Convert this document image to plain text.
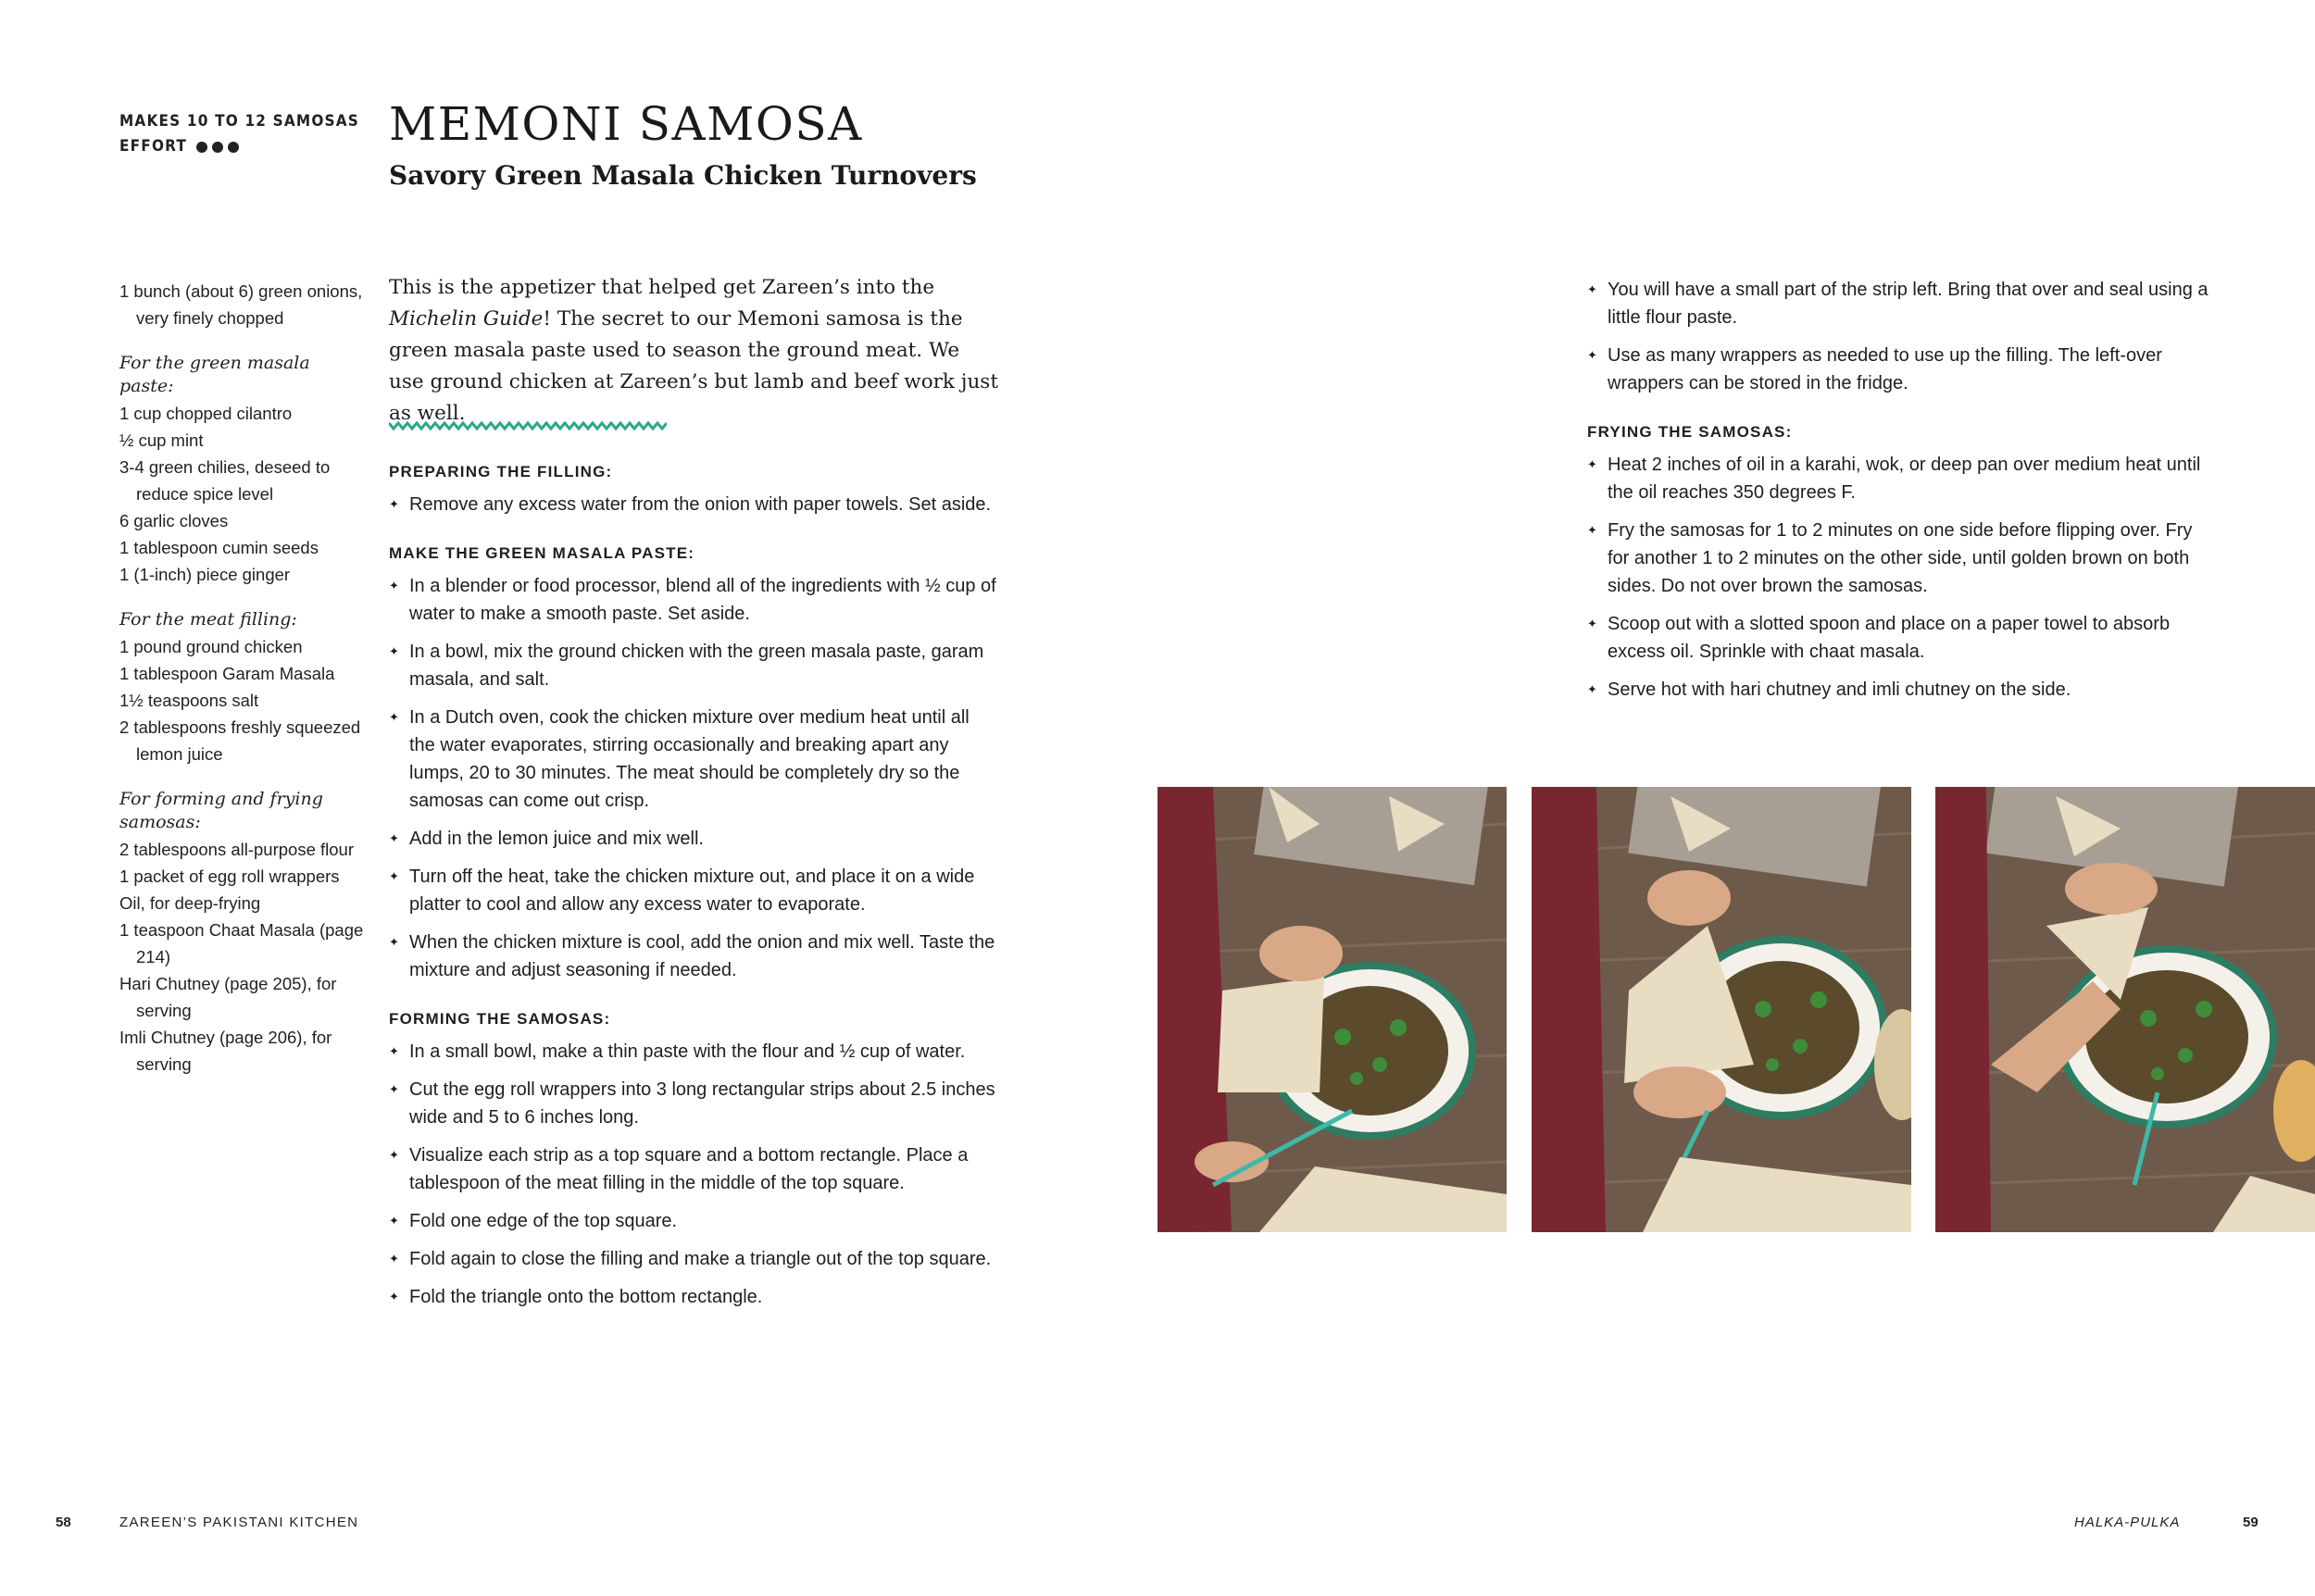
MAKES 10 TO 12 SAMOSAS
EFFORT	MEMONI SAMOSA
Savory Green Masala Chicken Turnovers
1 bunch (about 6) green onions, very finely chopped
For the green masala paste:
1 cup chopped cilantro
½ cup mint
3-4 green chilies, deseed to reduce spice level
6 garlic cloves
1 tablespoon cumin seeds
1 (1-inch) piece ginger
For the meat filling:
1 pound ground chicken
1 tablespoon Garam Masala
1½ teaspoons salt
2 tablespoons freshly squeezed lemon juice
For forming and frying samosas:
2 tablespoons all-purpose flour
1 packet of egg roll wrappers
Oil, for deep-frying
1 teaspoon Chaat Masala (page 214)
Hari Chutney (page 205), for serving
Imli Chutney (page 206), for serving
This is the appetizer that helped get Zareen’s into the Michelin Guide! The secret to our Memoni samosa is the green masala paste used to season the ground meat. We use ground chicken at Zareen’s but lamb and beef work just as well.
PREPARING THE FILLING:
✦ Remove any excess water from the onion with paper towels. Set aside.
MAKE THE GREEN MASALA PASTE:
✦ In a blender or food processor, blend all of the ingredients with ½ cup of water to make a smooth paste. Set aside.
✦ In a bowl, mix the ground chicken with the green masala paste, garam masala, and salt.
✦ In a Dutch oven, cook the chicken mixture over medium heat until all the water evaporates, stirring occasionally and breaking apart any lumps, 20 to 30 minutes. The meat should be completely dry so the samosas can come out crisp.
✦ Add in the lemon juice and mix well.
✦ Turn off the heat, take the chicken mixture out, and place it on a wide platter to cool and allow any excess water to evaporate.
✦ When the chicken mixture is cool, add the onion and mix well. Taste the mixture and adjust seasoning if needed.
FORMING THE SAMOSAS:
✦ In a small bowl, make a thin paste with the flour and ½ cup of water.
✦ Cut the egg roll wrappers into 3 long rectangular strips about 2.5 inches wide and 5 to 6 inches long.
✦ Visualize each strip as a top square and a bottom rectangle. Place a tablespoon of the meat filling in the middle of the top square.
✦ Fold one edge of the top square.
✦ Fold again to close the filling and make a triangle out of the top square.
✦ Fold the triangle onto the bottom rectangle.
✦ You will have a small part of the strip left. Bring that over and seal using a little flour paste.
✦ Use as many wrappers as needed to use up the filling. The left-over wrappers can be stored in the fridge.
FRYING THE SAMOSAS:
✦ Heat 2 inches of oil in a karahi, wok, or deep pan over medium heat until the oil reaches 350 degrees F.
✦ Fry the samosas for 1 to 2 minutes on one side before flipping over. Fry for another 1 to 2 minutes on the other side, until golden brown on both sides. Do not over brown the samosas.
✦ Scoop out with a slotted spoon and place on a paper towel to absorb excess oil. Sprinkle with chaat masala.
✦ Serve hot with hari chutney and imli chutney on the side.
58	ZAREEN’S PAKISTANI KITCHEN	HALKA-PULKA	59
